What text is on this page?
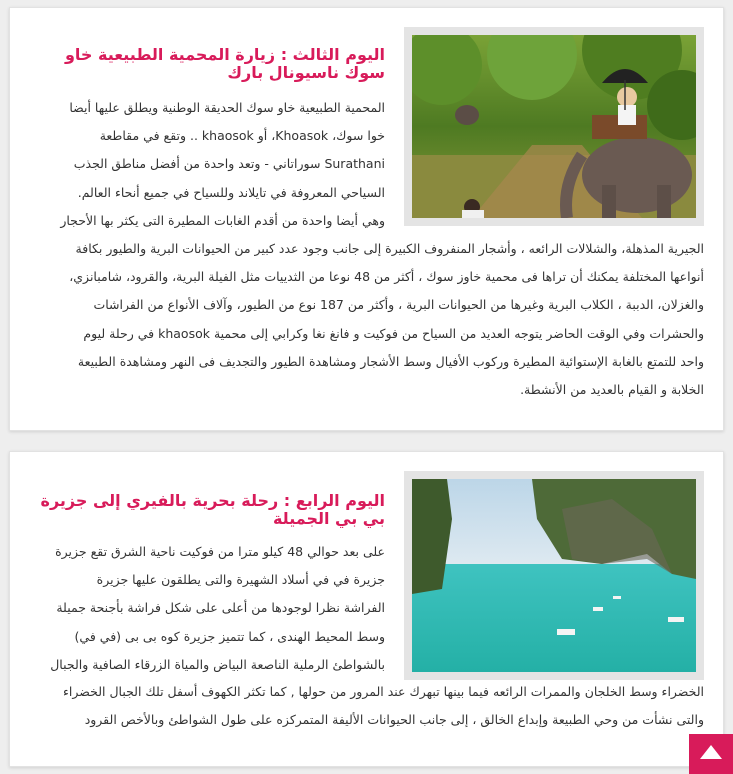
اليوم الثالث : زيارة المحمية الطبيعية خاو سوك ناسيونال بارك
المحمية الطبيعية خاو سوك الحديقة الوطنية ويطلق عليها أيضا
خوا سوك، Khoasok، أو khaosok .. وتقع في مقاطعة
Surathani سوراتاني - وتعد واحدة من أفضل مناطق الجذب
السياحي المعروفة في تايلاند وللسياح في جميع أنحاء العالم.
وهي أيضا واحدة من أقدم الغابات المطيرة التى يكثر بها الأحجار
الجيرية المذهلة، والشلالات الرائعه ، وأشجار المنفروف الكبيرة إلى جانب وجود عدد كبير من الحيوانات البرية والطيور بكافة
أنواعها المختلفة يمكنك أن تراها فى محمية خاوز سوك ، أكثر من 48 نوعا من الثدييات مثل الفيلة البرية، والقرود، شامبانزي،
والغزلان، الدببة ، الكلاب البرية وغيرها من الحيوانات البرية ، وأكثر من 187 نوع من الطيور، وآلاف الأنواع من الفراشات
والحشرات وفي الوقت الحاضر يتوجه العديد من السياح من فوكيت و فانغ نغا وكرابي إلى محمية khaosok في رحلة ليوم
واحد للتمتع بالغابة الإستوائية المطيرة وركوب الأفيال وسط الأشجار ومشاهدة الطيور والتجديف فى النهر ومشاهدة الطبيعة
الخلابة و القيام بالعديد من الأنشطة.
اليوم الرابع : رحلة بحرية بالفيري إلى جزيرة بي بي الجميلة
على بعد حوالي 48 كيلو مترا من فوكيت ناحية الشرق تقع جزيرة
جزيرة في في أسلاد الشهيرة والتى يطلقون عليها جزيرة
الفراشة نظرا لوجودها من أعلى على شكل فراشة بأجنحة جميلة
وسط المحيط الهندى ، كما تتميز جزيرة كوه بى بى (في في)
بالشواطئ الرملية الناصعة البياض والمياة الزرقاء الصافية والجبال
الخضراء وسط الخلجان والممرات الرائعه فيما بينها تبهرك عند المرور من حولها , كما تكثر الكهوف أسفل تلك الجبال الخضراء
والتى نشأت من وحي الطبيعة وإبداع الخالق ، إلى جانب الحيوانات الأليفة المتمركزه على طول الشواطئ وبالأخص القرود
